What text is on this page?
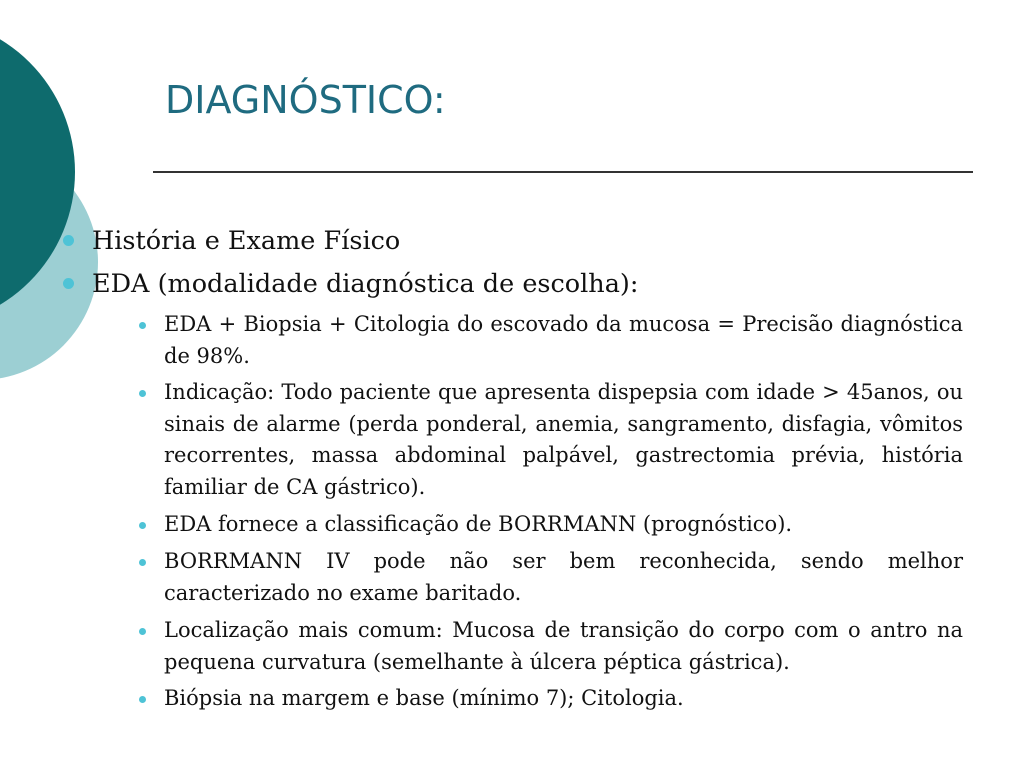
DIAGNÓSTICO:
História e Exame Físico
EDA (modalidade diagnóstica de escolha):
EDA + Biopsia + Citologia do escovado da mucosa = Precisão diagnóstica de 98%.
Indicação: Todo paciente que apresenta dispepsia com idade > 45anos, ou sinais de alarme (perda ponderal, anemia, sangramento, disfagia, vômitos recorrentes, massa abdominal palpável, gastrectomia prévia, história familiar de CA gástrico).
EDA fornece a classificação de BORRMANN (prognóstico).
BORRMANN IV pode não ser bem reconhecida, sendo melhor caracterizado no exame baritado.
Localização mais comum: Mucosa de transição do corpo com o antro na pequena curvatura (semelhante à úlcera péptica gástrica).
Biópsia na margem e base (mínimo 7); Citologia.
